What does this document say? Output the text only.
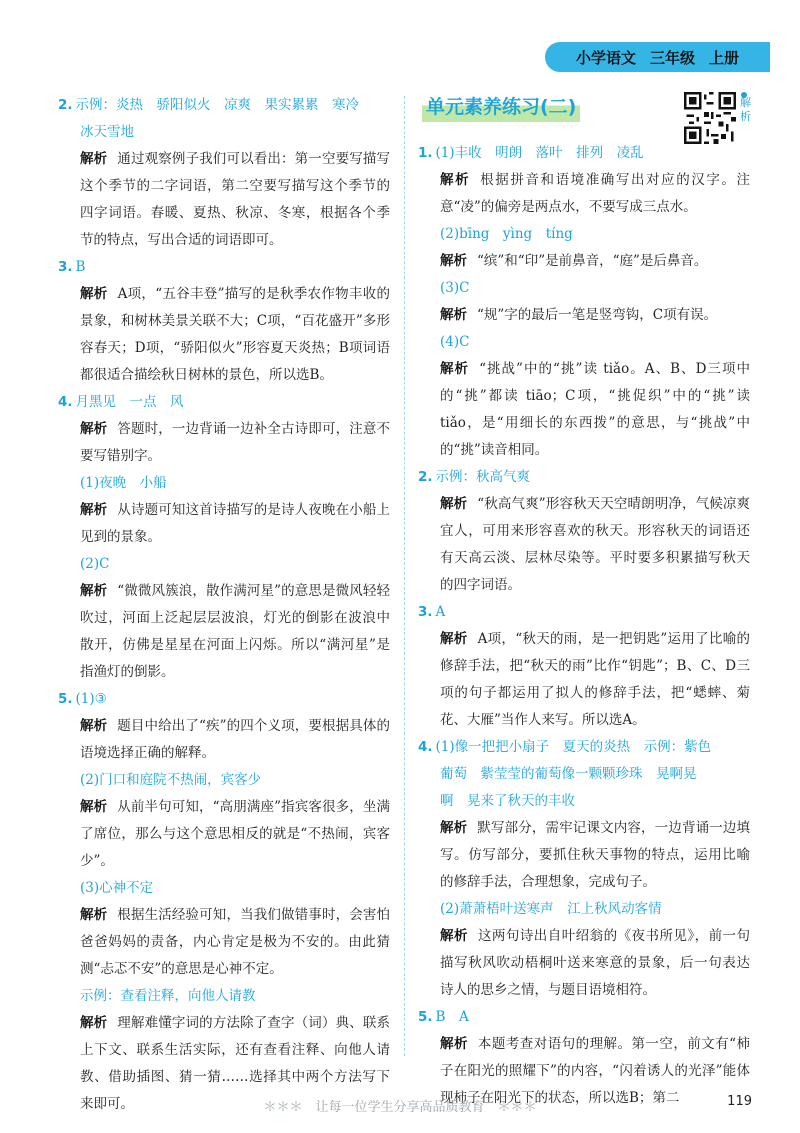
小学语文 三年级 上册

2. 示例：炎热　骄阳似火　凉爽　果实累累　寒冷

冰天雪地

解析 通过观察例子我们可以看出：第一空要写描写这个季节的二字词语，第二空要写描写这个季节的四字词语。春暖、夏热、秋凉、冬寒，根据各个季节的特点，写出合适的词语即可。

3. B

解析 A项，“五谷丰登”描写的是秋季农作物丰收的景象，和树林美景关联不大；C项，“百花盛开”多形容春天；D项，“骄阳似火”形容夏天炎热；B项词语都很适合描绘秋日树林的景色，所以选B。

4. 月黑见　一点　风

解析 答题时，一边背诵一边补全古诗即可，注意不要写错别字。

(1)夜晚　小船

解析 从诗题可知这首诗描写的是诗人夜晚在小船上见到的景象。

(2)C

解析 “微微风簇浪，散作满河星”的意思是微风轻轻吹过，河面上泛起层层波浪，灯光的倒影在波浪中散开，仿佛是星星在河面上闪烁。所以“满河星”是指渔灯的倒影。

5. (1)③

解析 题目中给出了“疾”的四个义项，要根据具体的语境选择正确的解释。

(2)门口和庭院不热闹，宾客少

解析 从前半句可知，“高朋满座”指宾客很多，坐满了席位，那么与这个意思相反的就是“不热闹，宾客少”。

(3)心神不定

解析 根据生活经验可知，当我们做错事时，会害怕爸爸妈妈的责备，内心肯定是极为不安的。由此猜测“忐忑不安”的意思是心神不定。

示例：查看注释，向他人请教

解析 理解难懂字词的方法除了查字（词）典、联系上下文、联系生活实际，还有查看注释、向他人请教、借助插图、猜一猜……选择其中两个方法写下来即可。

解析
单元素养练习(二)

1. (1)丰收　明朗　落叶　排列　凌乱

解析 根据拼音和语境准确写出对应的汉字。注意“凌”的偏旁是两点水，不要写成三点水。

(2)bīng　yìng　tíng

解析 “缤”和“印”是前鼻音，“庭”是后鼻音。

(3)C

解析 “规”字的最后一笔是竖弯钩，C项有误。

(4)C

解析 “挑战”中的“挑”读 tiǎo。A、B、D三项中的“挑”都读 tiāo；C项，“挑促织”中的“挑”读 tiǎo，是“用细长的东西拨”的意思，与“挑战”中的“挑”读音相同。

2. 示例：秋高气爽

解析 “秋高气爽”形容秋天天空晴朗明净，气候凉爽宜人，可用来形容喜欢的秋天。形容秋天的词语还有天高云淡、层林尽染等。平时要多积累描写秋天的四字词语。

3. A

解析 A项，“秋天的雨，是一把钥匙”运用了比喻的修辞手法，把“秋天的雨”比作“钥匙”；B、C、D三项的句子都运用了拟人的修辞手法，把“蟋蟀、菊花、大雁”当作人来写。所以选A。

4. (1)像一把把小扇子　夏天的炎热　示例：紫色

葡萄　紫莹莹的葡萄像一颗颗珍珠　晃啊晃

啊　晃来了秋天的丰收

解析 默写部分，需牢记课文内容，一边背诵一边填写。仿写部分，要抓住秋天事物的特点，运用比喻的修辞手法，合理想象，完成句子。

(2)萧萧梧叶送寒声　江上秋风动客情

解析 这两句诗出自叶绍翁的《夜书所见》，前一句描写秋风吹动梧桐叶送来寒意的景象，后一句表达诗人的思乡之情，与题目语境相符。

5. B　A

解析 本题考查对语句的理解。第一空，前文有“柿子在阳光的照耀下”的内容，“闪着诱人的光泽”能体现柿子在阳光下的状态，所以选B；第二

＊＊＊　让每一位学生分享高品质教育　＊＊＊	119
